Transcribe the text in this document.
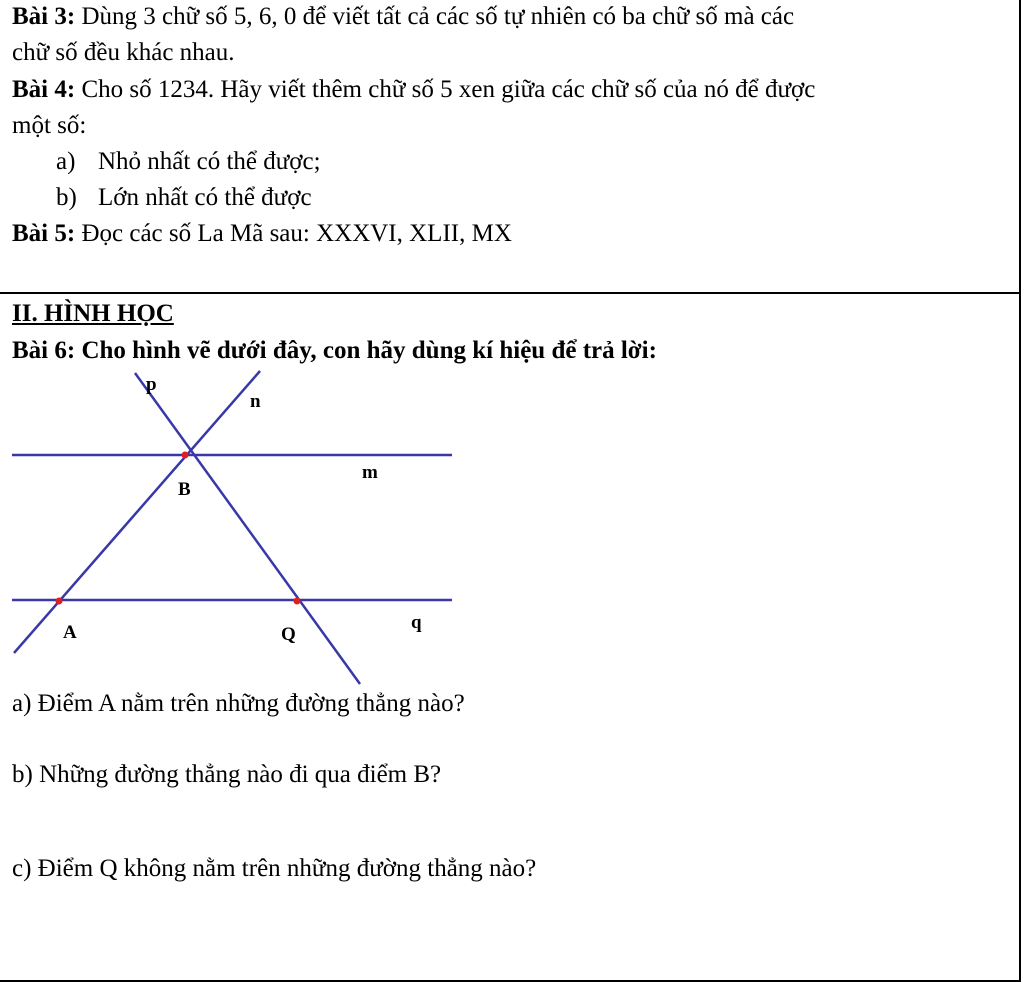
Bài 3: Dùng 3 chữ số 5, 6, 0 để viết tất cả các số tự nhiên có ba chữ số mà các
chữ số đều khác nhau.
Bài 4: Cho số 1234. Hãy viết thêm chữ số 5 xen giữa các chữ số của nó để được
một số:
a) Nhỏ nhất có thể được;
b) Lớn nhất có thể được
Bài 5: Đọc các số La Mã sau: XXXVI, XLII, MX
II. HÌNH HỌC
Bài 6: Cho hình vẽ dưới đây, con hãy dùng kí hiệu để trả lời:
p
n
m
q
A
B
Q
a) Điểm A nằm trên những đường thẳng nào?
b) Những đường thẳng nào đi qua điểm B?
c) Điểm Q không nằm trên những đường thẳng nào?
